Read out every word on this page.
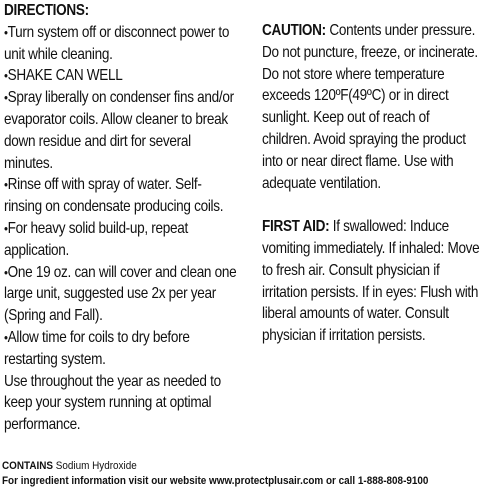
DIRECTIONS:
•Turn system off or disconnect power to unit while cleaning.
•SHAKE CAN WELL
•Spray liberally on condenser fins and/or evaporator coils. Allow cleaner to break down residue and dirt for several minutes.
•Rinse off with spray of water. Self-rinsing on condensate producing coils.
•For heavy solid build-up, repeat application.
•One 19 oz. can will cover and clean one large unit, suggested use 2x per year (Spring and Fall).
•Allow time for coils to dry before restarting system.
Use throughout the year as needed to keep your system running at optimal performance.
CAUTION: Contents under pressure. Do not puncture, freeze, or incinerate. Do not store where temperature exceeds 120ºF(49ºC) or in direct sunlight. Keep out of reach of children. Avoid spraying the product into or near direct flame. Use with adequate ventilation.
FIRST AID: If swallowed: Induce vomiting immediately. If inhaled: Move to fresh air. Consult physician if irritation persists. If in eyes: Flush with liberal amounts of water. Consult physician if irritation persists.
CONTAINS Sodium Hydroxide
For ingredient information visit our website www.protectplusair.com or call 1-888-808-9100
